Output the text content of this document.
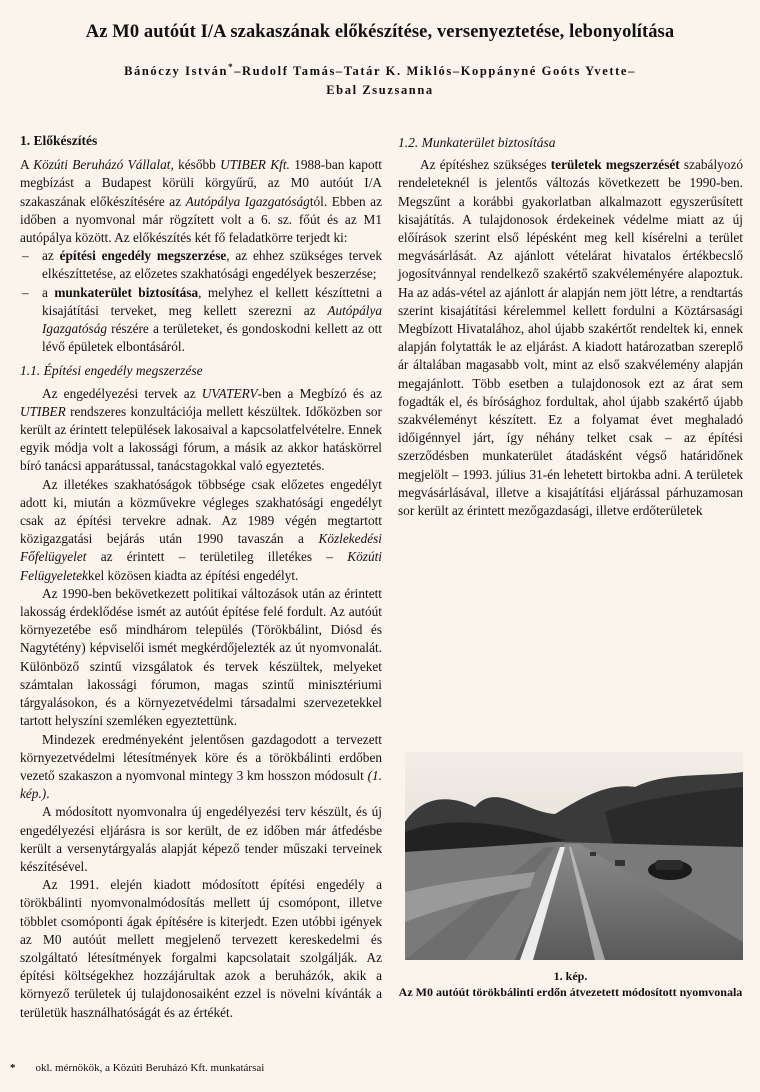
Az M0 autóút I/A szakaszának előkészítése, versenyeztetése, lebonyolítása
Bánóczy István*–Rudolf Tamás–Tatár K. Miklós–Koppányné Goóts Yvette–
Ebal Zsuzsanna
1. Előkészítés

A Közúti Beruházó Vállalat, később UTIBER Kft. 1988-ban kapott megbízást a Budapest körüli körgyűrű, az M0 autóút I/A szakaszának előkészítésére az Autópálya Igazgatóságtól. Ebben az időben a nyomvonal már rögzített volt a 6. sz. főút és az M1 autópálya között. Az előkészítés két fő feladatkörre terjedt ki:

– az építési engedély megszerzése, az ehhez szükséges tervek elkészíttetése, az előzetes szakhatósági engedélyek beszerzése;

– a munkaterület biztosítása, melyhez el kellett készíttetni a kisajátítási terveket, meg kellett szerezni az Autópálya Igazgatóság részére a területeket, és gondoskodni kellett az ott lévő épületek elbontásáról.

1.1. Építési engedély megszerzése

Az engedélyezési tervek az UVATERV-ben a Megbízó és az UTIBER rendszeres konzultációja mellett készültek. Időközben sor került az érintett települések lakosaival a kapcsolatfelvételre. Ennek egyik módja volt a lakossági fórum, a másik az akkor hatáskörrel bíró tanácsi apparátussal, tanácstagokkal való egyeztetés.

Az illetékes szakhatóságok többsége csak előzetes engedélyt adott ki, miután a közművekre végleges szakhatósági engedélyt csak az építési tervekre adnak. Az 1989 végén megtartott közigazgatási bejárás után 1990 tavaszán a Közlekedési Főfelügyelet az érintett – területileg illetékes – Közúti Felügyeletekkel közösen kiadta az építési engedélyt.

Az 1990-ben bekövetkezett politikai változások után az érintett lakosság érdeklődése ismét az autóút építése felé fordult. Az autóút környezetébe eső mindhárom település (Törökbálint, Diósd és Nagytétény) képviselői ismét megkérdőjelezték az út nyomvonalát. Különböző szintű vizsgálatok és tervek készültek, melyeket számtalan lakossági fórumon, magas szintű minisztériumi tárgyalásokon, és a környezetvédelmi társadalmi szervezetekkel tartott helyszíni szemléken egyeztettünk.

Mindezek eredményeként jelentősen gazdagodott a tervezett környezetvédelmi létesítmények köre és a törökbálinti erdőben vezető szakaszon a nyomvonal mintegy 3 km hosszon módosult (1. kép.).

A módosított nyomvonalra új engedélyezési terv készült, és új engedélyezési eljárásra is sor került, de ez időben már átfedésbe került a versenytárgyalás alapját képező tender műszaki terveinek készítésével.

Az 1991. elején kiadott módosított építési engedély a törökbálinti nyomvonalmódosítás mellett új csomópont, illetve többlet csomóponti ágak építésére is kiterjedt. Ezen utóbbi igények az M0 autóút mellett megjelenő tervezett kereskedelmi és szolgáltató létesítmények forgalmi kapcsolatait szolgálják. Az építési költségekhez hozzájárultak azok a beruházók, akik a környező területek új tulajdonosaiként ezzel is növelni kívánták a területük használhatóságát és az értékét.

1.2. Munkaterület biztosítása

Az építéshez szükséges területek megszerzését szabályozó rendeleteknél is jelentős változás következett be 1990-ben. Megszűnt a korábbi gyakorlatban alkalmazott egyszerűsített kisajátítás. A tulajdonosok érdekeinek védelme miatt az új előírások szerint első lépésként meg kell kísérelni a terület megvásárlását. Az ajánlott vételárat hivatalos értékbecslő jogosítvánnyal rendelkező szakértő szakvéleményére alapoztuk. Ha az adás-vétel az ajánlott ár alapján nem jött létre, a rendtartás szerint kisajátítási kérelemmel kellett fordulni a Köztársasági Megbízott Hivatalához, ahol újabb szakértőt rendeltek ki, ennek alapján folytatták le az eljárást. A kiadott határozatban szereplő ár általában magasabb volt, mint az első szakvélemény alapján megajánlott. Több esetben a tulajdonosok ezt az árat sem fogadták el, és bírósághoz fordultak, ahol újabb szakértő újabb szakvéleményt készített. Ez a folyamat évet meghaladó időigénnyel járt, így néhány telket csak – az építési szerződésben munkaterület átadásként végső határidőnek megjelölt – 1993. július 31-én lehetett birtokba adni. A területek megvásárlásával, illetve a kisajátítási eljárással párhuzamosan sor került az érintett mezőgazdasági, illetve erdőterületek

1. kép.
Az M0 autóút törökbálinti erdőn átvezetett módosított nyomvonala
* okl. mérnökök, a Közúti Beruházó Kft. munkatársai
